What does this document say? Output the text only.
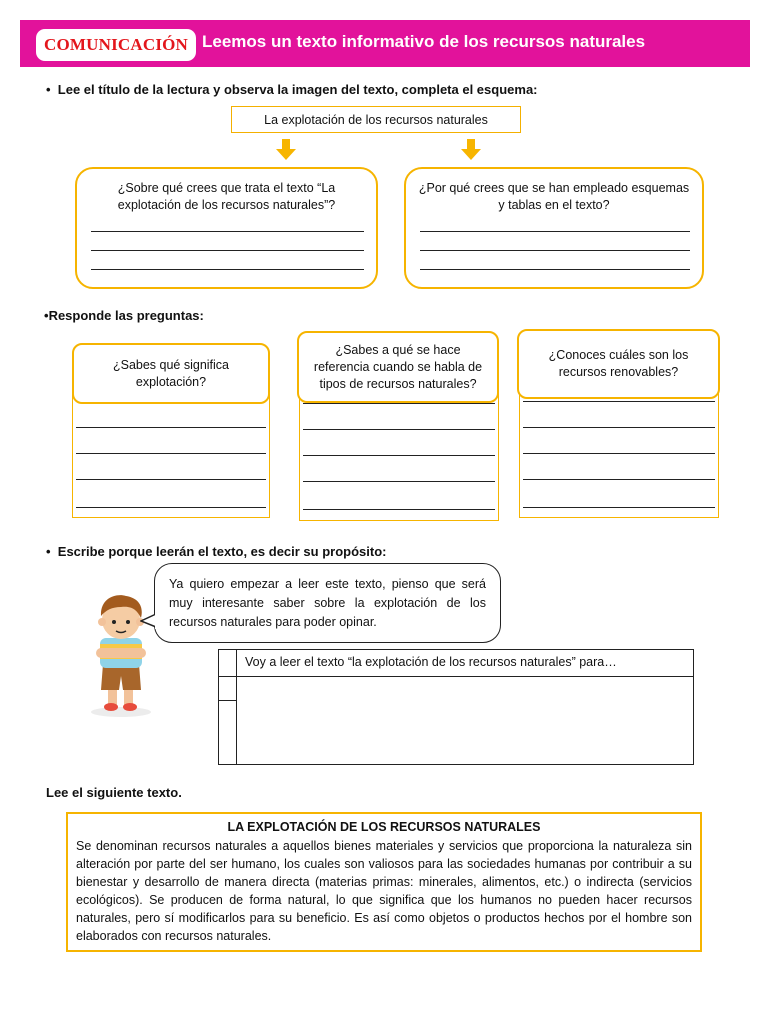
COMUNICACIÓN Leemos un texto informativo de los recursos naturales
•  Lee el título de la lectura y observa la imagen del texto, completa el esquema:
La explotación de los recursos naturales
¿Sobre qué crees que trata el texto “La
explotación de los recursos naturales”?
¿Por qué crees que se han empleado esquemas
y tablas en el texto?
•Responde las preguntas:
¿Sabes qué significa
explotación?
¿Sabes a qué se hace
referencia cuando se habla de
tipos de recursos naturales?
¿Conoces cuáles son los
recursos renovables?
•  Escribe porque leerán el texto, es decir su propósito:
Ya quiero empezar a leer este texto, pienso que será muy interesante saber sobre la explotación de los recursos naturales para poder opinar.
Voy a leer el texto “la explotación de los recursos naturales” para…
Lee el siguiente texto.
LA EXPLOTACIÓN DE LOS RECURSOS NATURALES

Se denominan recursos naturales a aquellos bienes materiales y servicios que proporciona la naturaleza sin alteración por parte del ser humano, los cuales son valiosos para las sociedades humanas por contribuir a su bienestar y desarrollo de manera directa (materias primas: minerales, alimentos, etc.) o indirecta (servicios ecológicos). Se producen de forma natural, lo que significa que los humanos no pueden hacer recursos naturales, pero sí modificarlos para su beneficio. Es así como objetos o productos hechos por el hombre son elaborados con recursos naturales.
